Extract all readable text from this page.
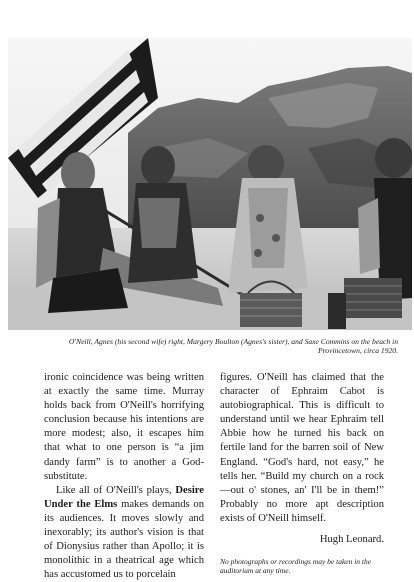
O'Neill, Agnes (his second wife) right, Margery Boulton (Agnes's sister), and Saxe Commins on the beach in Provincetown, circa 1920.

ironic coincidence was being written at exactly the same time. Murray holds back from O'Neill's horrifying conclusion because his intentions are more modest; also, it escapes him that what to one person is “a jim dandy farm” is to another a God-substitute.

Like all of O'Neill's plays, Desire Under the Elms makes demands on its audiences. It moves slowly and inexorably; its author's vision is that of Dionysius rather than Apollo; it is monolithic in a theatrical age which has accustomed us to porcelain

figures. O'Neill has claimed that the character of Ephraim Cabot is autobiographical. This is difficult to understand until we hear Ephraim tell Abbie how he turned his back on fertile land for the barren soil of New England. “God's hard, not easy,” he tells her. “Build my church on a rock—out o' stones, an' I'll be in them!” Probably no more apt description exists of O'Neill himself.

Hugh Leonard.

No photographs or recordings may be taken in the auditorium at any time.
